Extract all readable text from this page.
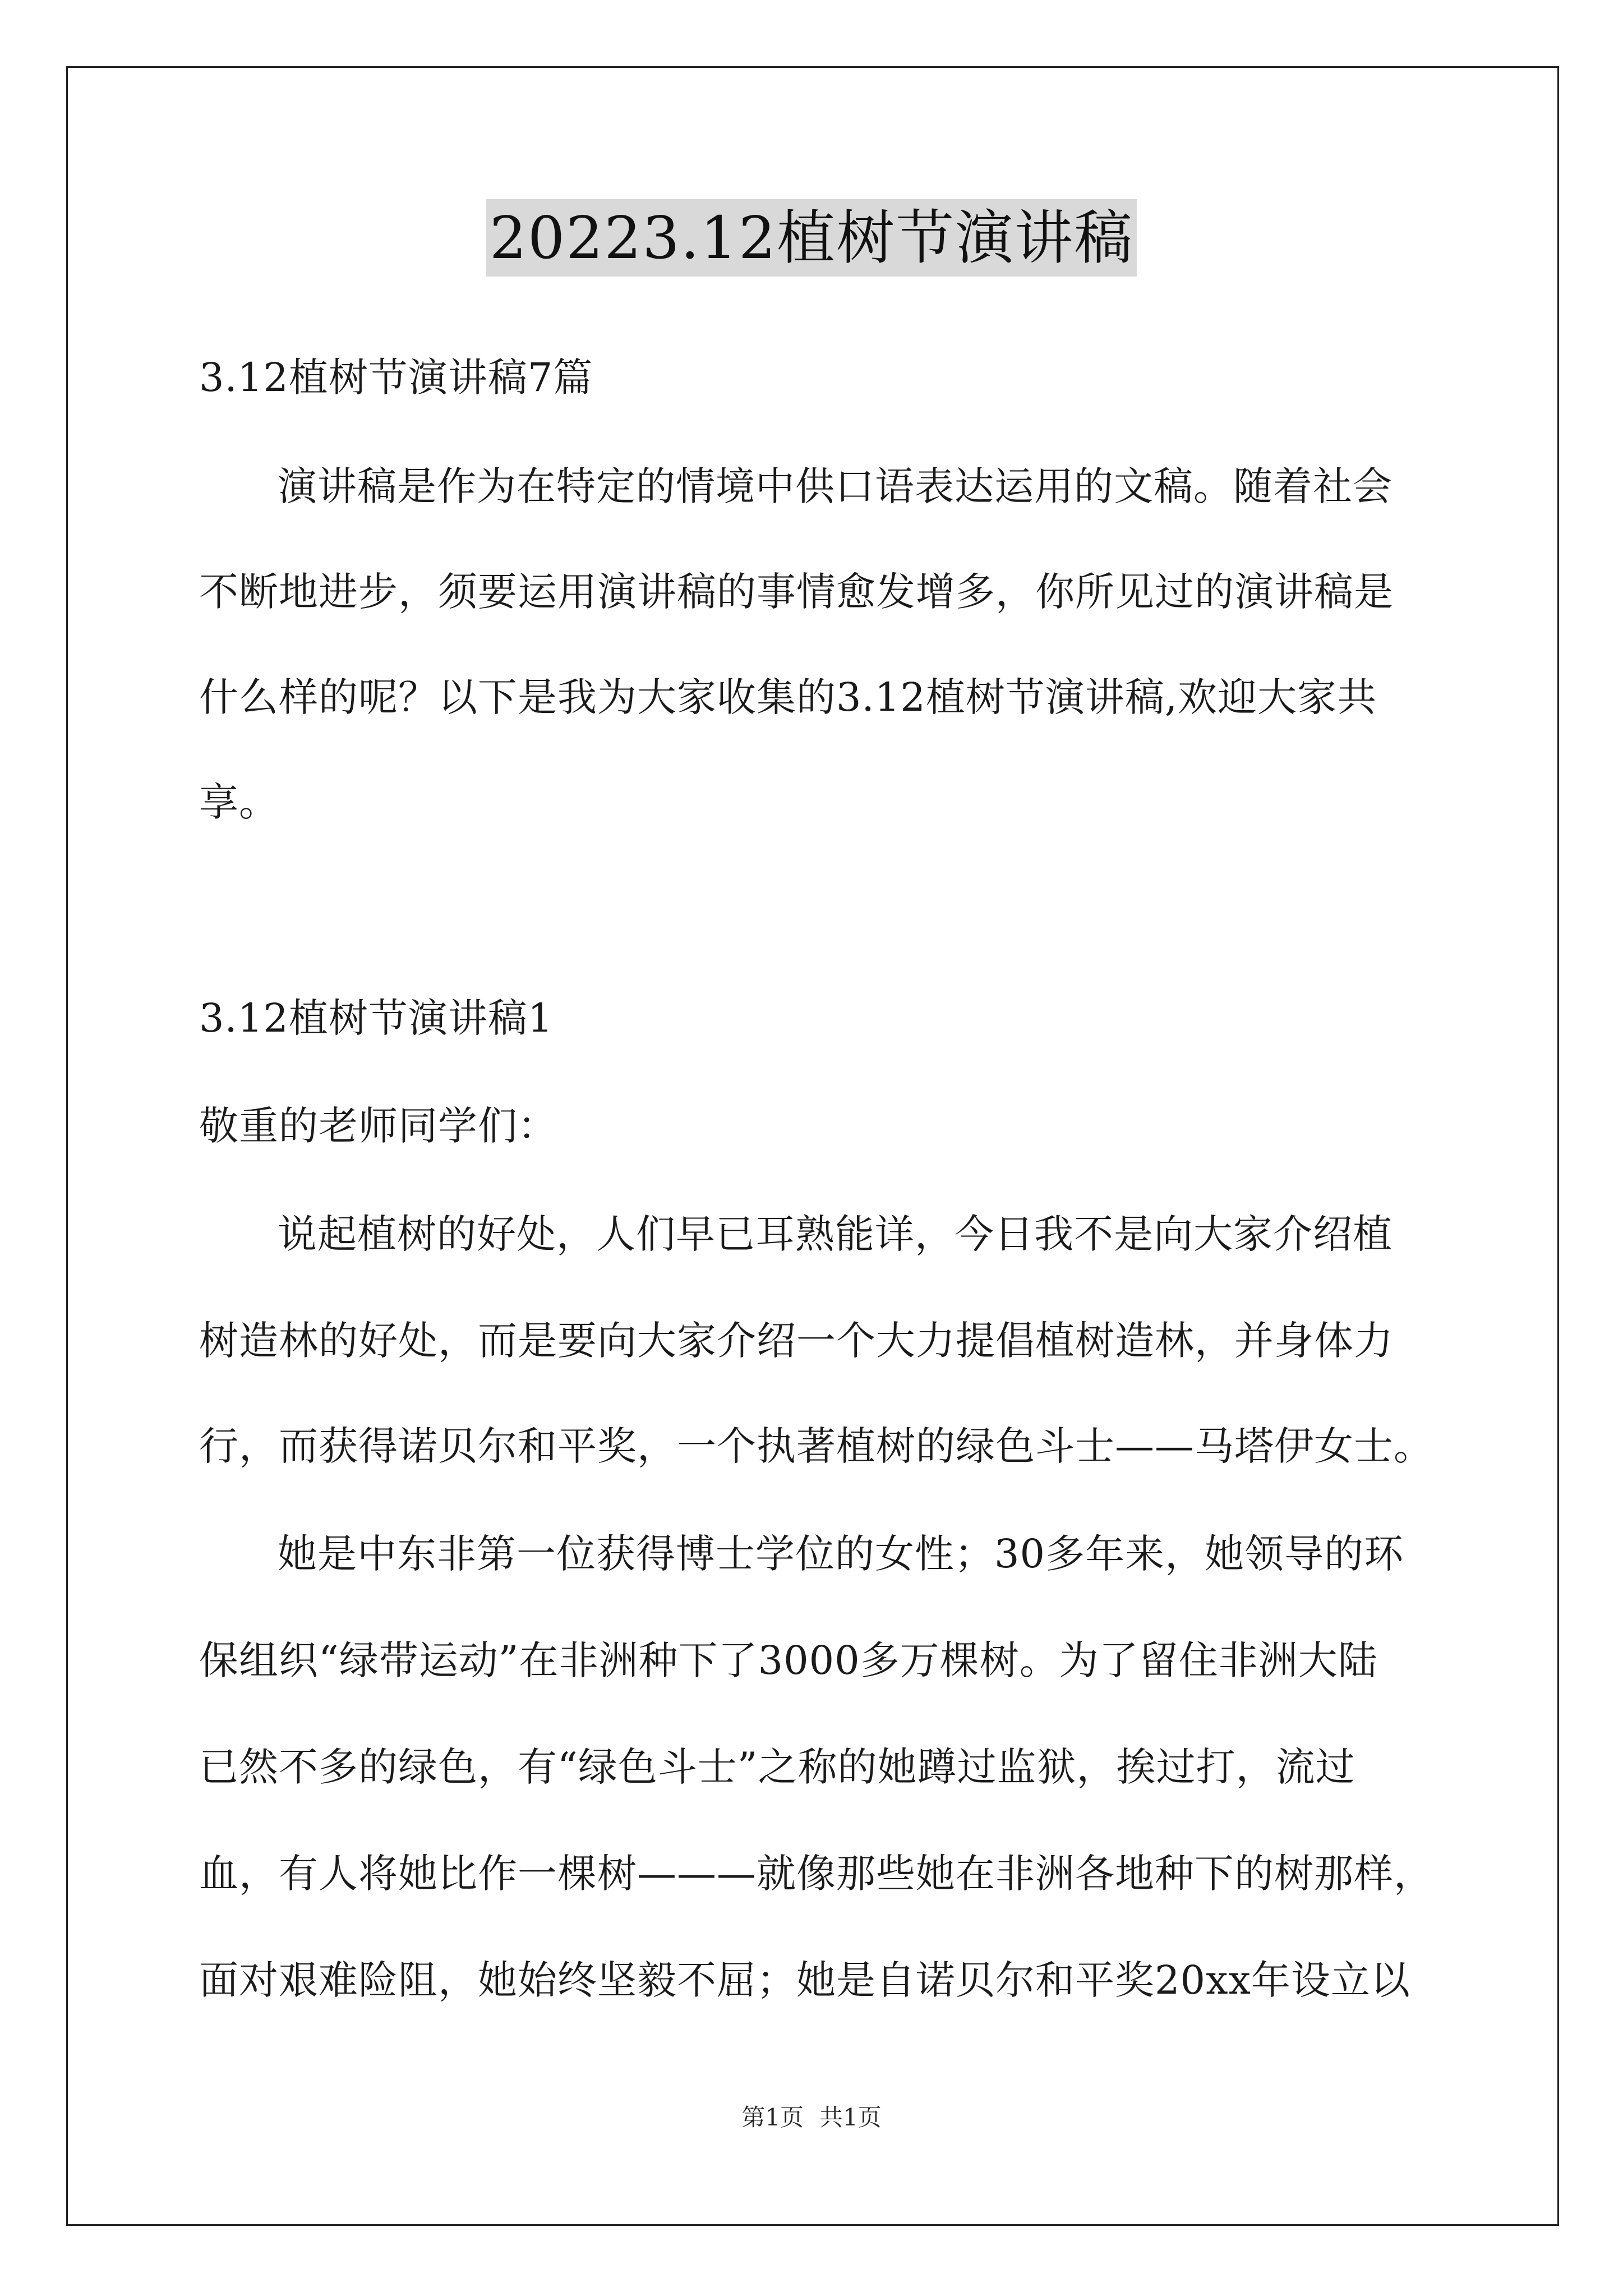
20223.12植树节演讲稿
3.12植树节演讲稿7篇
演讲稿是作为在特定的情境中供口语表达运用的文稿。随着社会
不断地进步，须要运用演讲稿的事情愈发增多，你所见过的演讲稿是
什么样的呢？以下是我为大家收集的3.12植树节演讲稿,欢迎大家共
享。
3.12植树节演讲稿1
敬重的老师同学们：
说起植树的好处，人们早已耳熟能详，今日我不是向大家介绍植
树造林的好处，而是要向大家介绍一个大力提倡植树造林，并身体力
行，而获得诺贝尔和平奖，一个执著植树的绿色斗士——马塔伊女士。
她是中东非第一位获得博士学位的女性；30多年来，她领导的环
保组织“绿带运动”在非洲种下了3000多万棵树。为了留住非洲大陆
已然不多的绿色，有“绿色斗士”之称的她蹲过监狱，挨过打，流过
血，有人将她比作一棵树———就像那些她在非洲各地种下的树那样，
面对艰难险阻，她始终坚毅不屈；她是自诺贝尔和平奖20xx年设立以
第1页 共1页
